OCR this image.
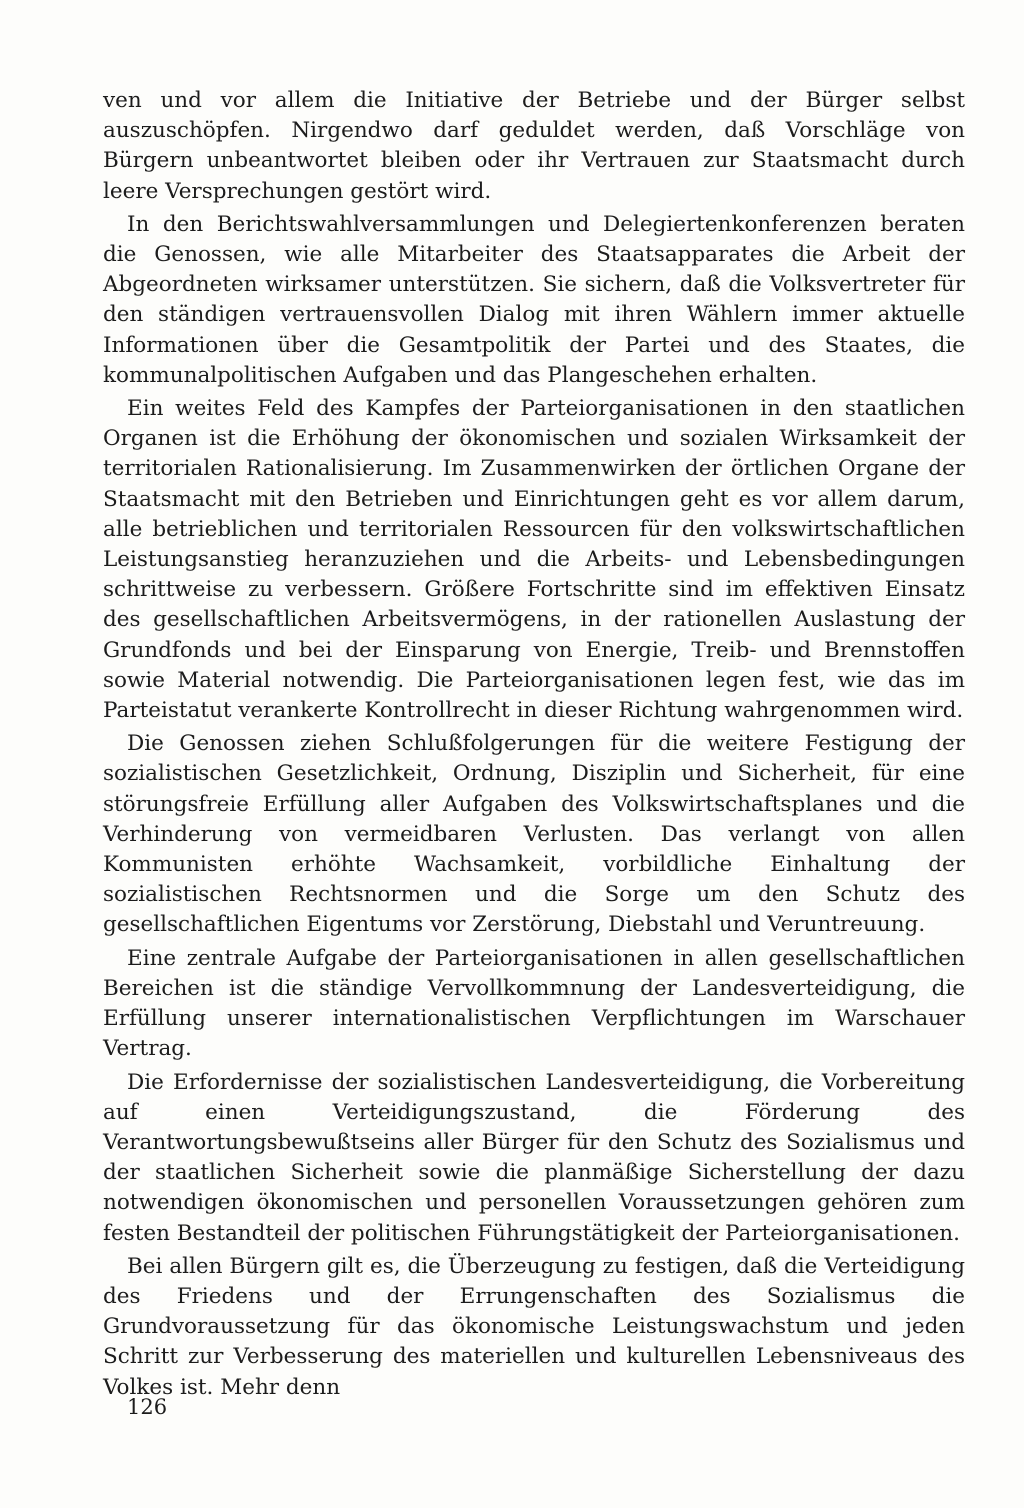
ven und vor allem die Initiative der Betriebe und der Bürger selbst auszuschöpfen. Nirgendwo darf geduldet werden, daß Vorschläge von Bürgern unbeantwortet bleiben oder ihr Vertrauen zur Staatsmacht durch leere Versprechungen gestört wird.

In den Berichtswahlversammlungen und Delegiertenkonferenzen beraten die Genossen, wie alle Mitarbeiter des Staatsapparates die Arbeit der Abgeordneten wirksamer unterstützen. Sie sichern, daß die Volksvertreter für den ständigen vertrauensvollen Dialog mit ihren Wählern immer aktuelle Informationen über die Gesamtpolitik der Partei und des Staates, die kommunalpolitischen Aufgaben und das Plangeschehen erhalten.

Ein weites Feld des Kampfes der Parteiorganisationen in den staatlichen Organen ist die Erhöhung der ökonomischen und sozialen Wirksamkeit der territorialen Rationalisierung. Im Zusammenwirken der örtlichen Organe der Staatsmacht mit den Betrieben und Einrichtungen geht es vor allem darum, alle betrieblichen und territorialen Ressourcen für den volkswirtschaftlichen Leistungsanstieg heranzuziehen und die Arbeits- und Lebensbedingungen schrittweise zu verbessern. Größere Fortschritte sind im effektiven Einsatz des gesellschaftlichen Arbeitsvermögens, in der rationellen Auslastung der Grundfonds und bei der Einsparung von Energie, Treib- und Brennstoffen sowie Material notwendig. Die Parteiorganisationen legen fest, wie das im Parteistatut verankerte Kontrollrecht in dieser Richtung wahrgenommen wird.

Die Genossen ziehen Schlußfolgerungen für die weitere Festigung der sozialistischen Gesetzlichkeit, Ordnung, Disziplin und Sicherheit, für eine störungsfreie Erfüllung aller Aufgaben des Volkswirtschaftsplanes und die Verhinderung von vermeidbaren Verlusten. Das verlangt von allen Kommunisten erhöhte Wachsamkeit, vorbildliche Einhaltung der sozialistischen Rechtsnormen und die Sorge um den Schutz des gesellschaftlichen Eigentums vor Zerstörung, Diebstahl und Veruntreuung.

Eine zentrale Aufgabe der Parteiorganisationen in allen gesellschaftlichen Bereichen ist die ständige Vervollkommnung der Landesverteidigung, die Erfüllung unserer internationalistischen Verpflichtungen im Warschauer Vertrag.

Die Erfordernisse der sozialistischen Landesverteidigung, die Vorbereitung auf einen Verteidigungszustand, die Förderung des Verantwortungsbewußtseins aller Bürger für den Schutz des Sozialismus und der staatlichen Sicherheit sowie die planmäßige Sicherstellung der dazu notwendigen ökonomischen und personellen Voraussetzungen gehören zum festen Bestandteil der politischen Führungstätigkeit der Parteiorganisationen.

Bei allen Bürgern gilt es, die Überzeugung zu festigen, daß die Verteidigung des Friedens und der Errungenschaften des Sozialismus die Grundvoraussetzung für das ökonomische Leistungswachstum und jeden Schritt zur Verbesserung des materiellen und kulturellen Lebensniveaus des Volkes ist. Mehr denn

126
